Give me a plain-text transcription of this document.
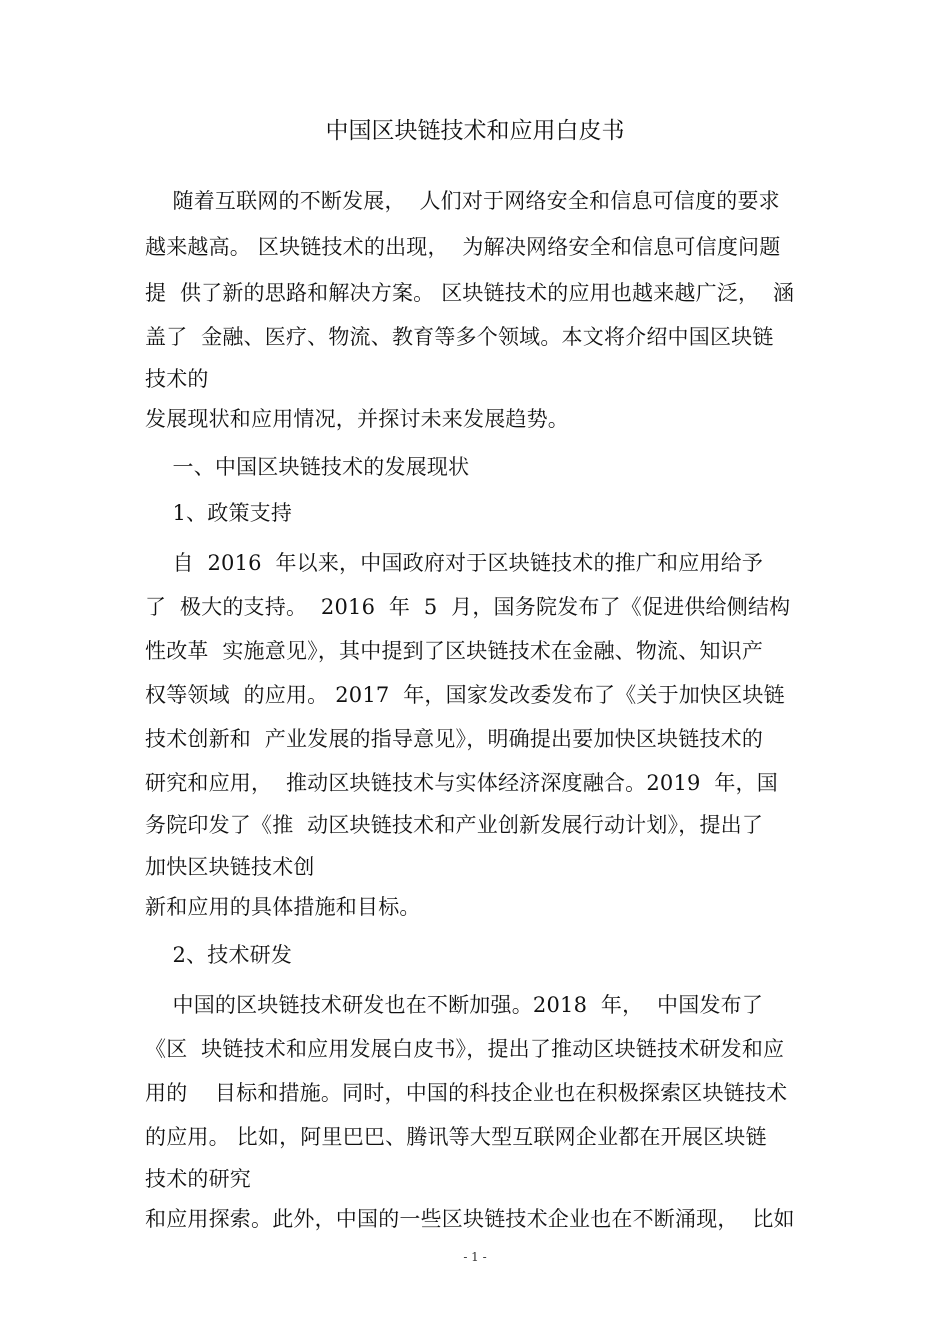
中国区块链技术和应用白皮书
随着互联网的不断发展，  人们对于网络安全和信息可信度的要求
越来越高。 区块链技术的出现，  为解决网络安全和信息可信度问题
提  供了新的思路和解决方案。 区块链技术的应用也越来越广泛，  涵
盖了  金融、医疗、物流、教育等多个领域。本文将介绍中国区块链
技术的
发展现状和应用情况，并探讨未来发展趋势。
一、中国区块链技术的发展现状
1、政策支持
自  2016  年以来，中国政府对于区块链技术的推广和应用给予
了  极大的支持。  2016  年  5  月，国务院发布了《促进供给侧结构
性改革  实施意见》，其中提到了区块链技术在金融、物流、知识产
权等领域  的应用。 2017  年，国家发改委发布了《关于加快区块链
技术创新和  产业发展的指导意见》，明确提出要加快区块链技术的
研究和应用，  推动区块链技术与实体经济深度融合。2019  年，国
务院印发了《推  动区块链技术和产业创新发展行动计划》，提出了
加快区块链技术创
新和应用的具体措施和目标。
2、技术研发
中国的区块链技术研发也在不断加强。2018  年，  中国发布了
《区  块链技术和应用发展白皮书》，提出了推动区块链技术研发和应
用的    目标和措施。同时，中国的科技企业也在积极探索区块链技术
的应用。 比如，阿里巴巴、腾讯等大型互联网企业都在开展区块链
技术的研究
和应用探索。此外，中国的一些区块链技术企业也在不断涌现，  比如
- 1 -
